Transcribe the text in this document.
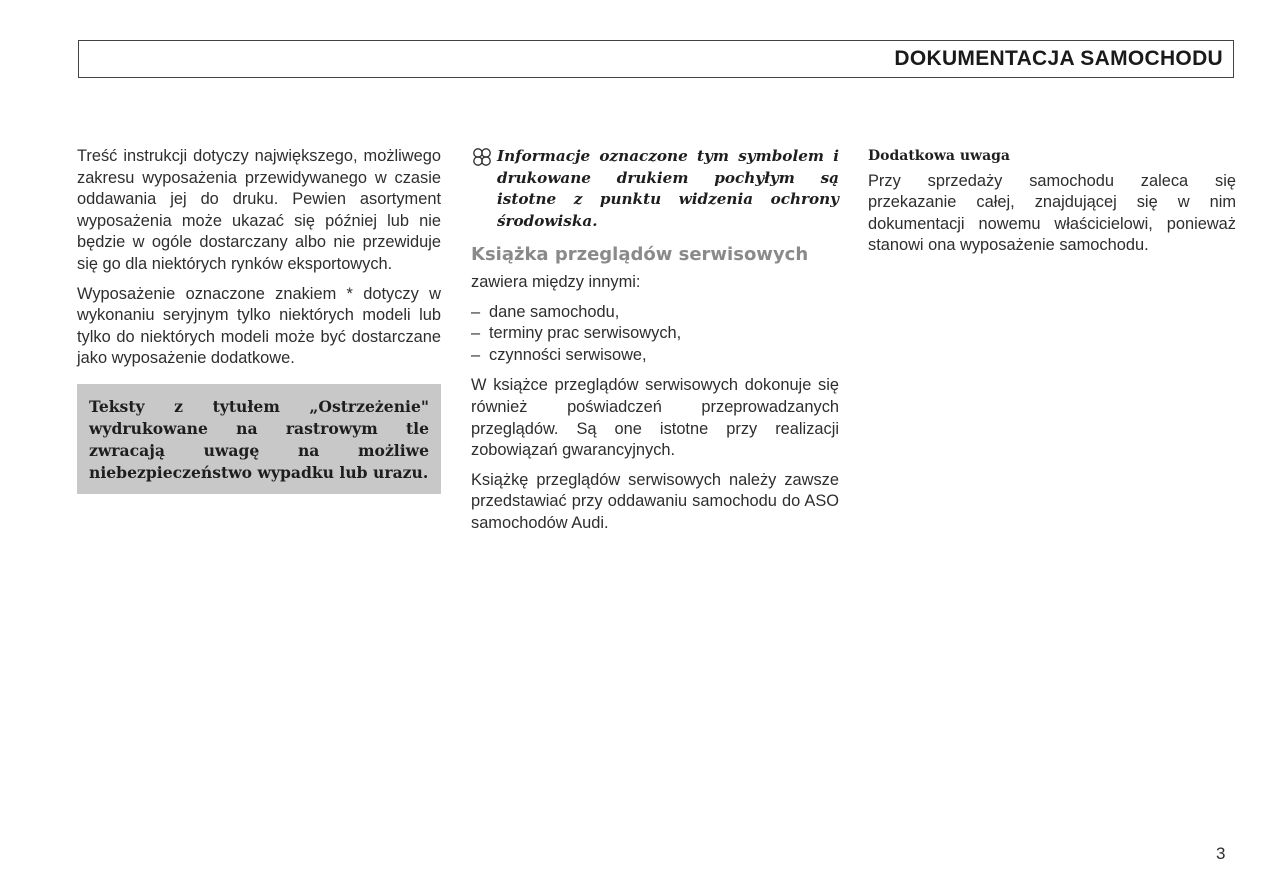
DOKUMENTACJA SAMOCHODU

Treść instrukcji dotyczy największego, możliwego zakresu wyposażenia przewidywanego w czasie oddawania jej do druku. Pewien asortyment wyposażenia może ukazać się później lub nie będzie w ogóle dostarczany albo nie przewiduje się go dla niektórych rynków eksportowych.

Wyposażenie oznaczone znakiem * dotyczy w wykonaniu seryjnym tylko niektórych modeli lub tylko do niektórych modeli może być dostarczane jako wyposażenie dodatkowe.

Teksty z tytułem „Ostrzeżenie" wydrukowane na rastrowym tle zwracają uwagę na możliwe niebezpieczeństwo wypadku lub urazu.
Informacje oznaczone tym symbolem i drukowane drukiem pochyłym są istotne z punktu widzenia ochrony środowiska.
Książka przeglądów serwisowych

zawiera między innymi:

– dane samochodu,
– terminy prac serwisowych,
– czynności serwisowe,

W książce przeglądów serwisowych dokonuje się również poświadczeń przeprowadzanych przeglądów. Są one istotne przy realizacji zobowiązań gwarancyjnych.

Książkę przeglądów serwisowych należy zawsze przedstawiać przy oddawaniu samochodu do ASO samochodów Audi.

Dodatkowa uwaga

Przy sprzedaży samochodu zaleca się przekazanie całej, znajdującej się w nim dokumentacji nowemu właścicielowi, ponieważ stanowi ona wyposażenie samochodu.

3
